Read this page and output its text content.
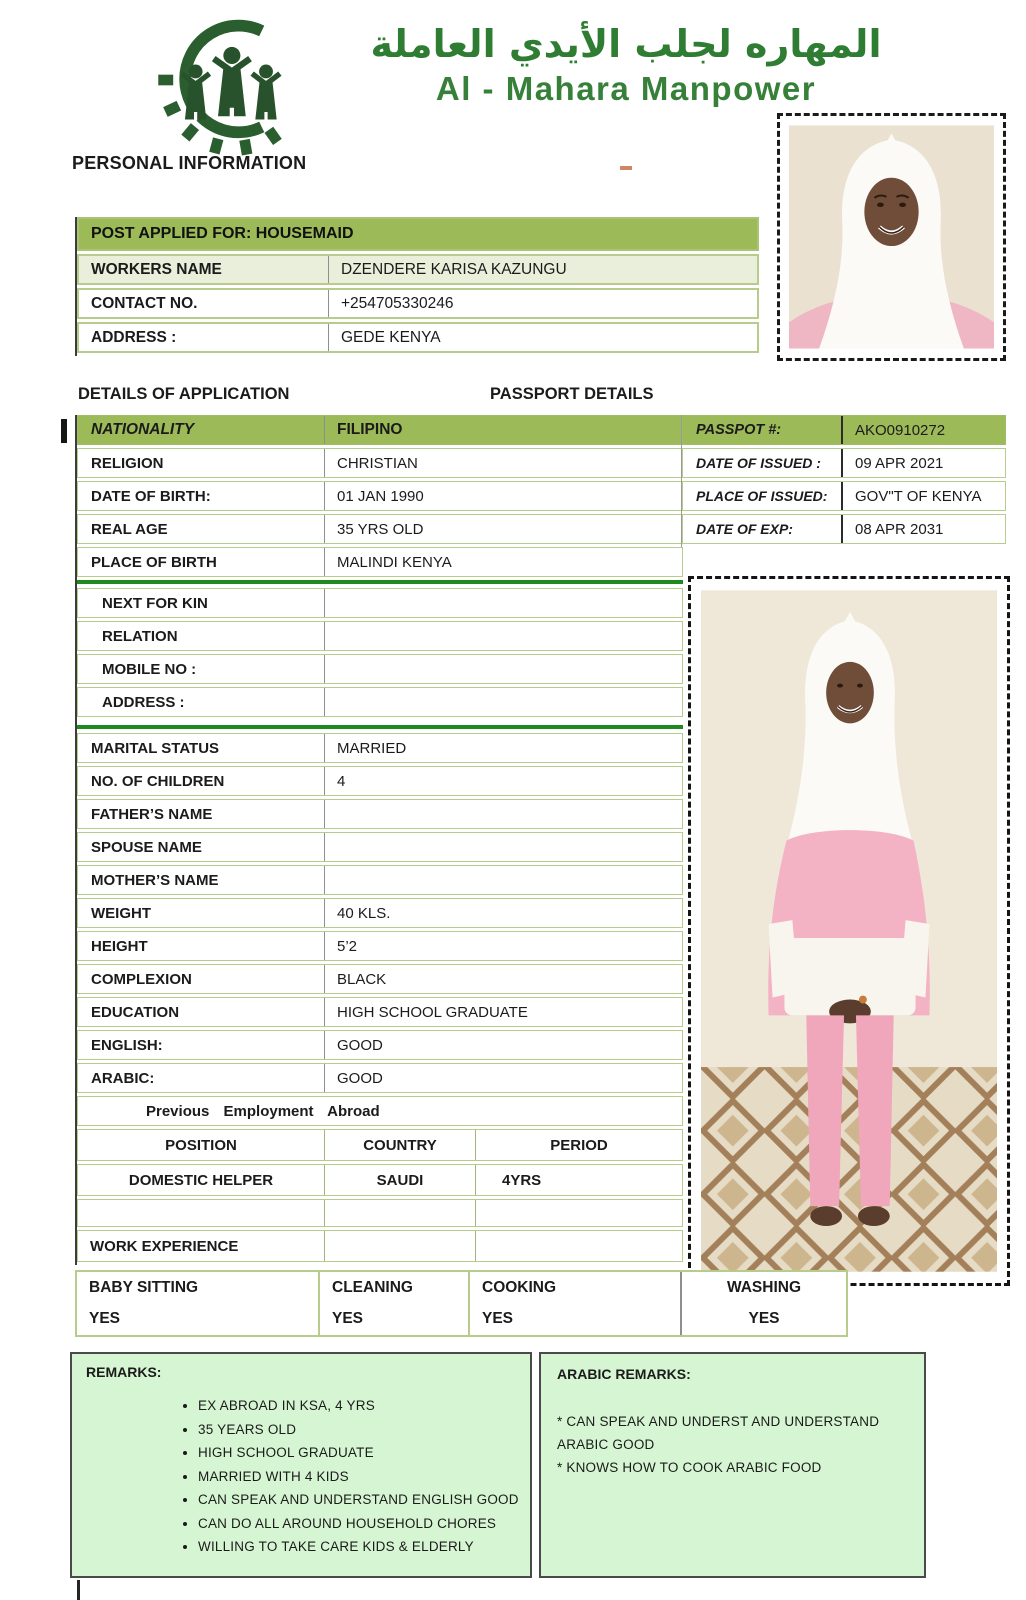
المهاره لجلب الأيدي العاملة
Al - Mahara Manpower
PERSONAL INFORMATION
POST APPLIED FOR: HOUSEMAID
WORKERS NAME	DZENDERE KARISA KAZUNGU
CONTACT NO.	+254705330246
ADDRESS :	GEDE KENYA
DETAILS OF APPLICATION	PASSPORT DETAILS
NATIONALITY	FILIPINO
RELIGION	CHRISTIAN
DATE OF BIRTH:	01 JAN 1990
REAL AGE	35 YRS OLD
PLACE OF BIRTH	MALINDI KENYA
NEXT FOR KIN
RELATION
MOBILE NO :
ADDRESS :
MARITAL STATUS	MARRIED
NO. OF CHILDREN	4
FATHER’S NAME
SPOUSE NAME
MOTHER’S NAME
WEIGHT	40 KLS.
HEIGHT	5’2
COMPLEXION	BLACK
EDUCATION	HIGH SCHOOL GRADUATE
ENGLISH:	GOOD
ARABIC:	GOOD
Previous Employment Abroad
POSITION	COUNTRY	PERIOD
DOMESTIC HELPER	SAUDI	4YRS
WORK EXPERIENCE
PASSPOT #:	AKO0910272
DATE OF ISSUED :	09 APR 2021
PLACE OF ISSUED:	GOV"T OF KENYA
DATE OF EXP:	08 APR 2031
BABY SITTING
YES
CLEANING
YES
COOKING
YES
WASHING
YES

REMARKS:

• EX ABROAD IN KSA, 4 YRS
• 35 YEARS OLD
• HIGH SCHOOL GRADUATE
• MARRIED WITH 4 KIDS
• CAN SPEAK AND UNDERSTAND ENGLISH GOOD
• CAN DO ALL AROUND HOUSEHOLD CHORES
• WILLING TO TAKE CARE KIDS & ELDERLY

ARABIC REMARKS:

* CAN SPEAK AND UNDERST AND UNDERSTAND
ARABIC GOOD
* KNOWS HOW TO COOK ARABIC FOOD
